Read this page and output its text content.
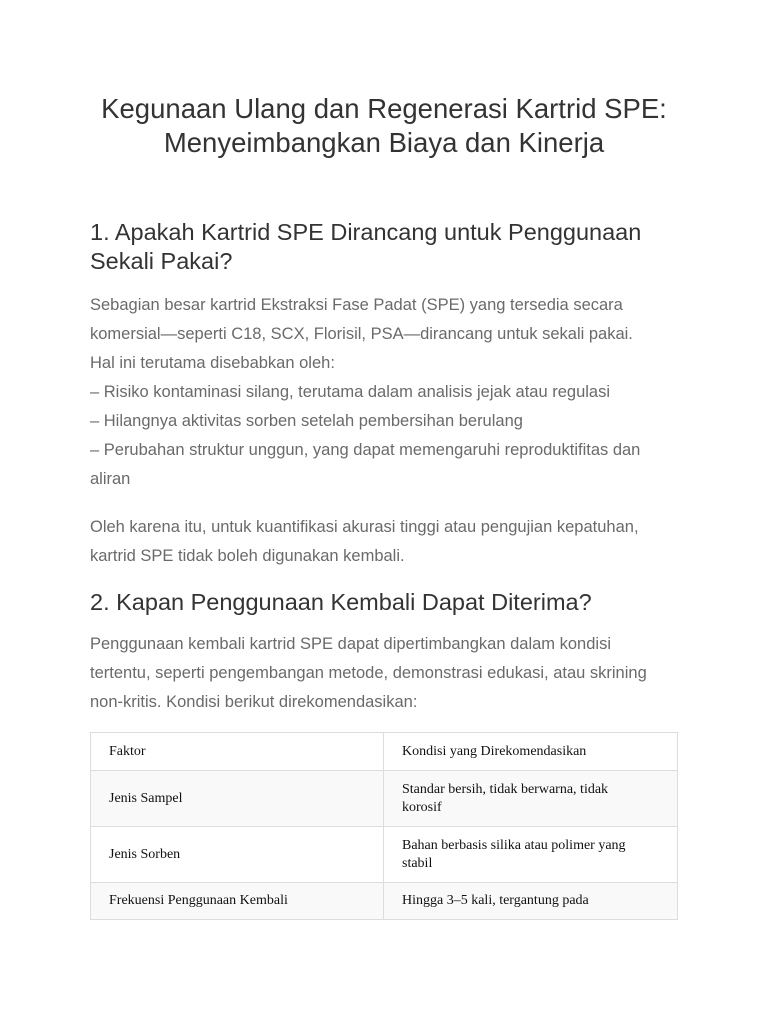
Kegunaan Ulang dan Regenerasi Kartrid SPE:
Menyeimbangkan Biaya dan Kinerja
1. Apakah Kartrid SPE Dirancang untuk Penggunaan
Sekali Pakai?
Sebagian besar kartrid Ekstraksi Fase Padat (SPE) yang tersedia secara
komersial—seperti C18, SCX, Florisil, PSA—dirancang untuk sekali pakai.
Hal ini terutama disebabkan oleh:
– Risiko kontaminasi silang, terutama dalam analisis jejak atau regulasi
– Hilangnya aktivitas sorben setelah pembersihan berulang
– Perubahan struktur unggun, yang dapat memengaruhi reproduktifitas dan
aliran
Oleh karena itu, untuk kuantifikasi akurasi tinggi atau pengujian kepatuhan,
kartrid SPE tidak boleh digunakan kembali.
2. Kapan Penggunaan Kembali Dapat Diterima?
Penggunaan kembali kartrid SPE dapat dipertimbangkan dalam kondisi
tertentu, seperti pengembangan metode, demonstrasi edukasi, atau skrining
non-kritis. Kondisi berikut direkomendasikan:
Faktor	Kondisi yang Direkomendasikan
Jenis Sampel	Standar bersih, tidak berwarna, tidak
korosif

Jenis Sorben	Bahan berbasis silika atau polimer yang
stabil

Frekuensi Penggunaan Kembali	Hingga 3–5 kali, tergantung pada
